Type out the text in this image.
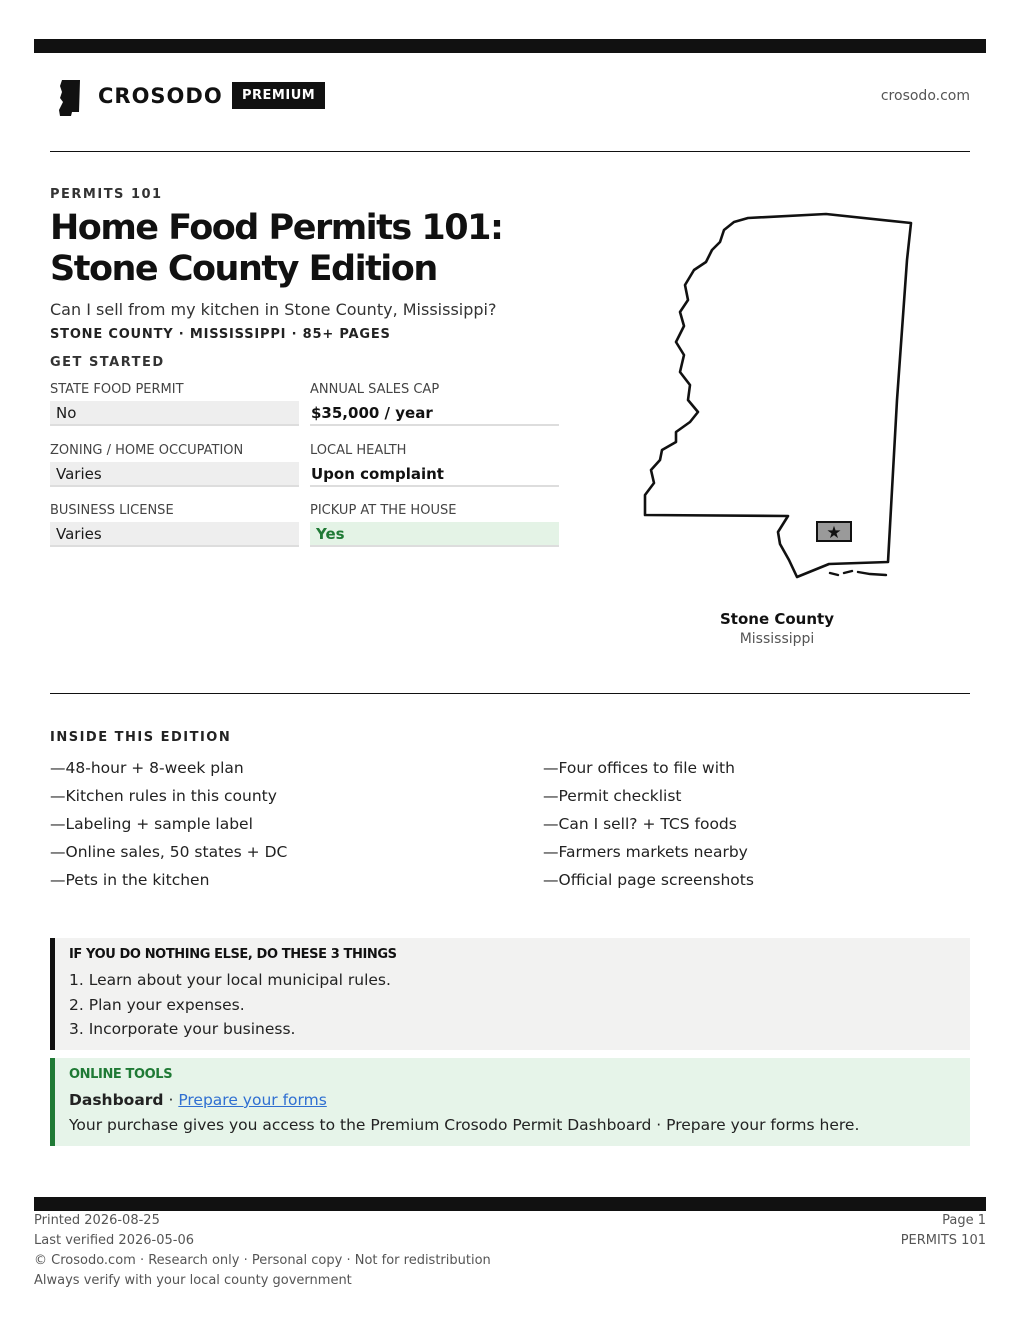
CROSODO	PREMIUM	crosodo.com
PERMITS 101
Home Food Permits 101: Stone County Edition
Can I sell from my kitchen in Stone County, Mississippi?
STONE COUNTY · MISSISSIPPI · 85+ PAGES
GET STARTED
STATE FOOD PERMIT
No
ANNUAL SALES CAP
$35,000 / year
ZONING / HOME OCCUPATION
Varies
LOCAL HEALTH
Upon complaint
BUSINESS LICENSE
Varies
PICKUP AT THE HOUSE
Yes	★
Stone County
Mississippi
INSIDE THIS EDITION
—48-hour + 8-week plan
—Kitchen rules in this county
—Labeling + sample label
—Online sales, 50 states + DC
—Pets in the kitchen
—Four offices to file with
—Permit checklist
—Can I sell? + TCS foods
—Farmers markets nearby
—Official page screenshots
IF YOU DO NOTHING ELSE, DO THESE 3 THINGS
1. Learn about your local municipal rules.
2. Plan your expenses.
3. Incorporate your business.
ONLINE TOOLS
Dashboard · Prepare your forms
Your purchase gives you access to the Premium Crosodo Permit Dashboard · Prepare your forms here.
Printed 2026-08-25
Last verified 2026-05-06
© Crosodo.com · Research only · Personal copy · Not for redistribution
Always verify with your local county government
Page 1
PERMITS 101
